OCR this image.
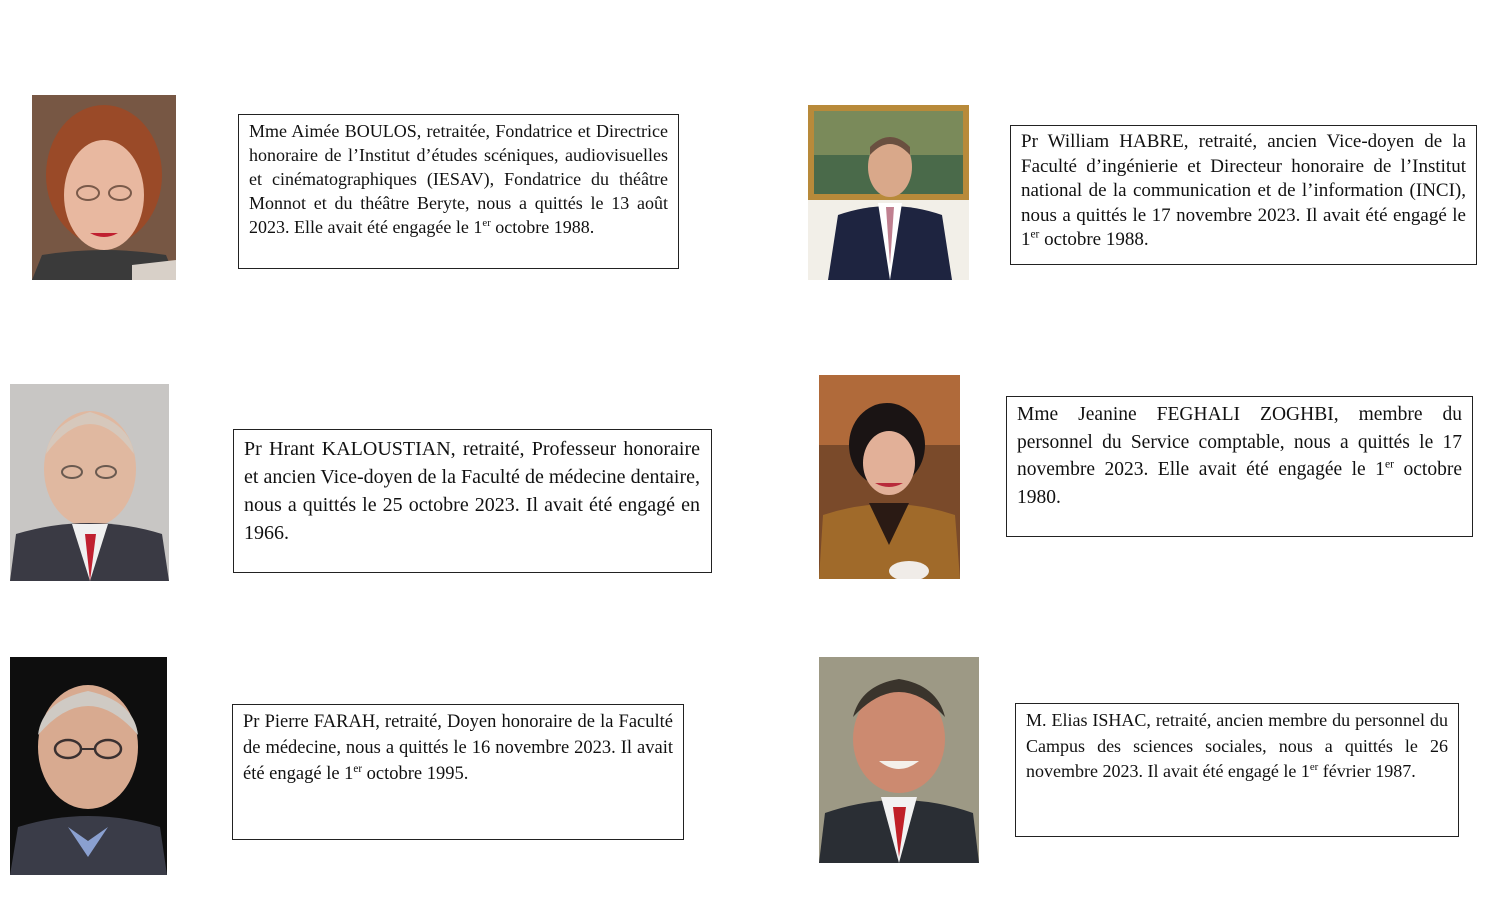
Mme Aimée BOULOS, retraitée, Fondatrice et Directrice honoraire de l’Institut d’études scéniques, audiovisuelles et cinématographiques (IESAV), Fondatrice du théâtre Monnot et du théâtre Beryte, nous a quittés le 13 août 2023. Elle avait été engagée le 1er octobre 1988.

Pr William HABRE, retraité, ancien Vice-doyen de la Faculté d’ingénierie et Directeur honoraire de l’Institut national de la communication et de l’information (INCI), nous a quittés le 17 novembre 2023. Il avait été engagé le 1er octobre 1988.

Pr Hrant KALOUSTIAN, retraité, Professeur honoraire et ancien Vice-doyen de la Faculté de médecine dentaire, nous a quittés le 25 octobre 2023. Il avait été engagé en 1966.

Mme Jeanine FEGHALI ZOGHBI, membre du personnel du Service comptable, nous a quittés le 17 novembre 2023. Elle avait été engagée le 1er octobre 1980.

Pr Pierre FARAH, retraité, Doyen honoraire de la Faculté de médecine, nous a quittés le 16 novembre 2023. Il avait été engagé le 1er octobre 1995.

M. Elias ISHAC, retraité, ancien membre du personnel du Campus des sciences sociales, nous a quittés le 26 novembre 2023. Il avait été engagé le 1er février 1987.
